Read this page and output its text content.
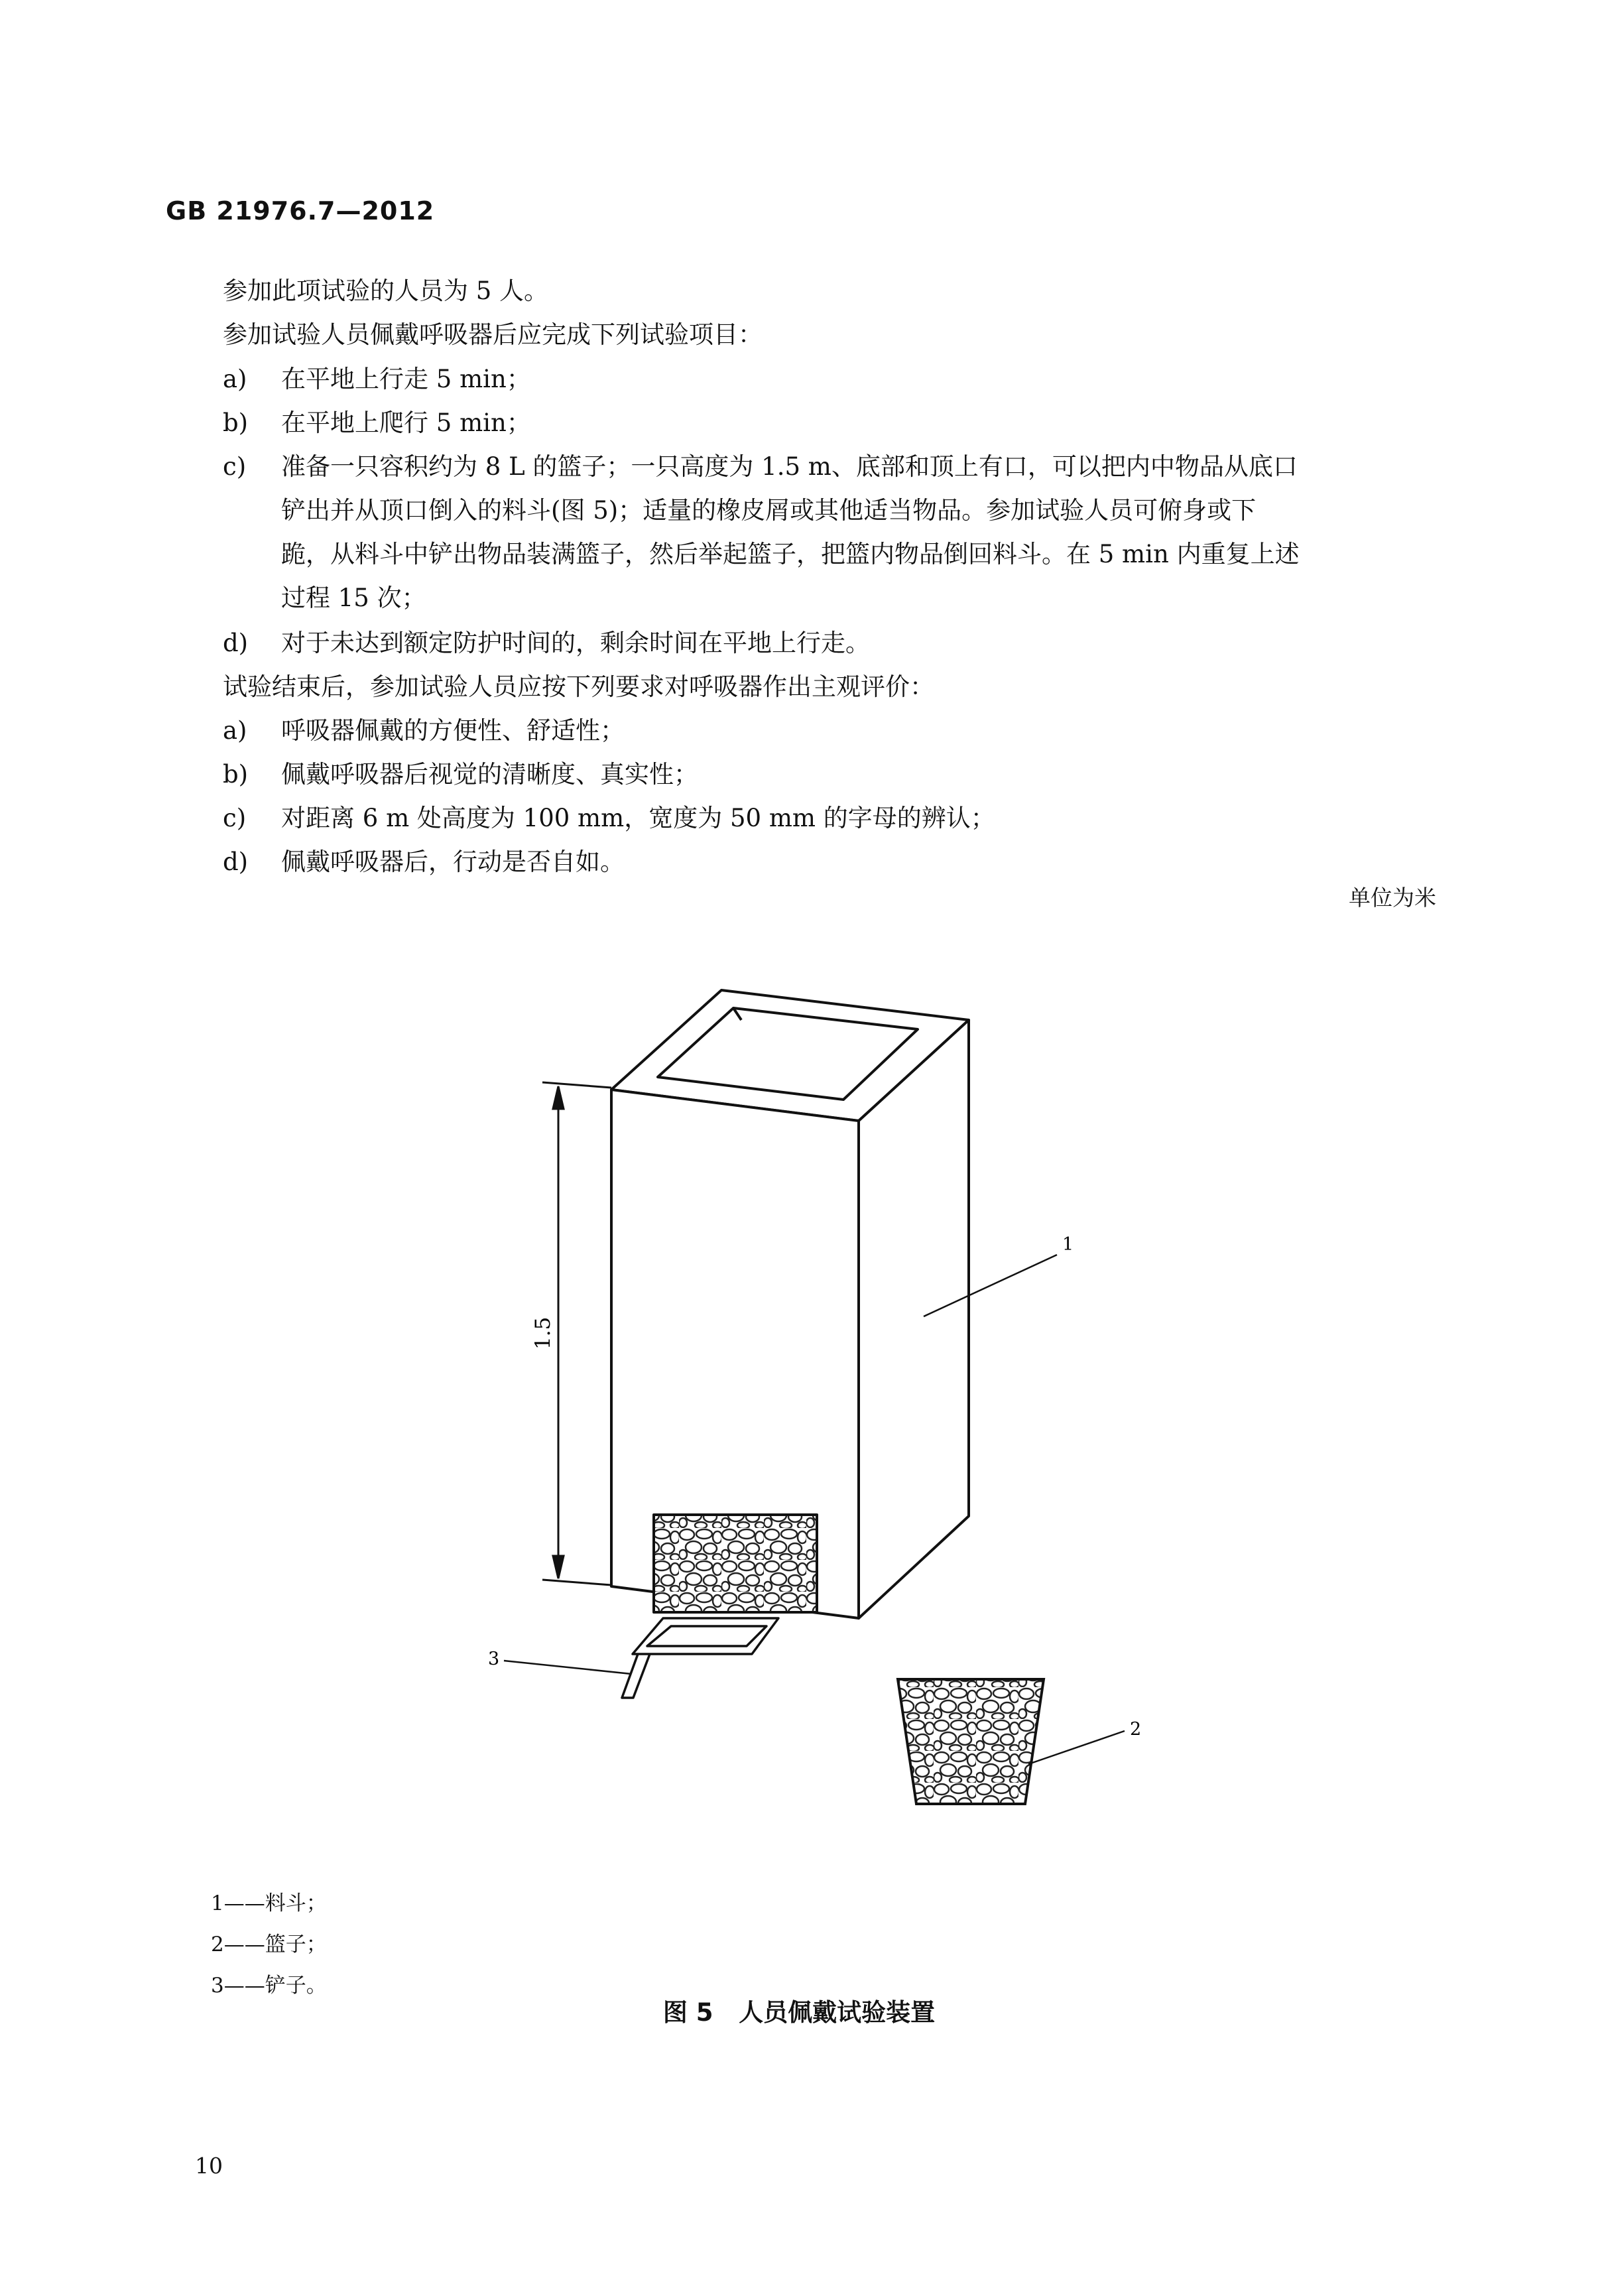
GB 21976.7—2012
参加此项试验的人员为 5 人。
参加试验人员佩戴呼吸器后应完成下列试验项目：
a) 在平地上行走 5 min；
b) 在平地上爬行 5 min；
c) 准备一只容积约为 8 L 的篮子；一只高度为 1.5 m、底部和顶上有口，可以把内中物品从底口
铲出并从顶口倒入的料斗(图 5)；适量的橡皮屑或其他适当物品。参加试验人员可俯身或下
跪，从料斗中铲出物品装满篮子，然后举起篮子，把篮内物品倒回料斗。在 5 min 内重复上述
过程 15 次；
d) 对于未达到额定防护时间的，剩余时间在平地上行走。
试验结束后，参加试验人员应按下列要求对呼吸器作出主观评价：
a) 呼吸器佩戴的方便性、舒适性；
b) 佩戴呼吸器后视觉的清晰度、真实性；
c) 对距离 6 m 处高度为 100 mm，宽度为 50 mm 的字母的辨认；
d) 佩戴呼吸器后，行动是否自如。
单位为米
1.5
1
2
3
1——料斗；
2——篮子；
3——铲子。
图 5   人员佩戴试验装置
10
